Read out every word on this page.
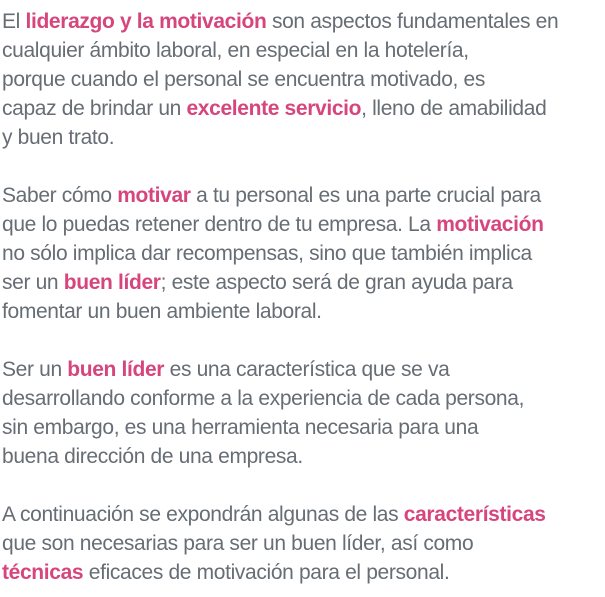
El liderazgo y la motivación son aspectos fundamentales en
cualquier ámbito laboral, en especial en la hotelería,
porque cuando el personal se encuentra motivado, es
capaz de brindar un excelente servicio, lleno de amabilidad
y buen trato.

Saber cómo motivar a tu personal es una parte crucial para
que lo puedas retener dentro de tu empresa. La motivación
no sólo implica dar recompensas, sino que también implica
ser un buen líder; este aspecto será de gran ayuda para
fomentar un buen ambiente laboral.

Ser un buen líder es una característica que se va
desarrollando conforme a la experiencia de cada persona,
sin embargo, es una herramienta necesaria para una
buena dirección de una empresa.

A continuación se expondrán algunas de las características
que son necesarias para ser un buen líder, así como
técnicas eficaces de motivación para el personal.
